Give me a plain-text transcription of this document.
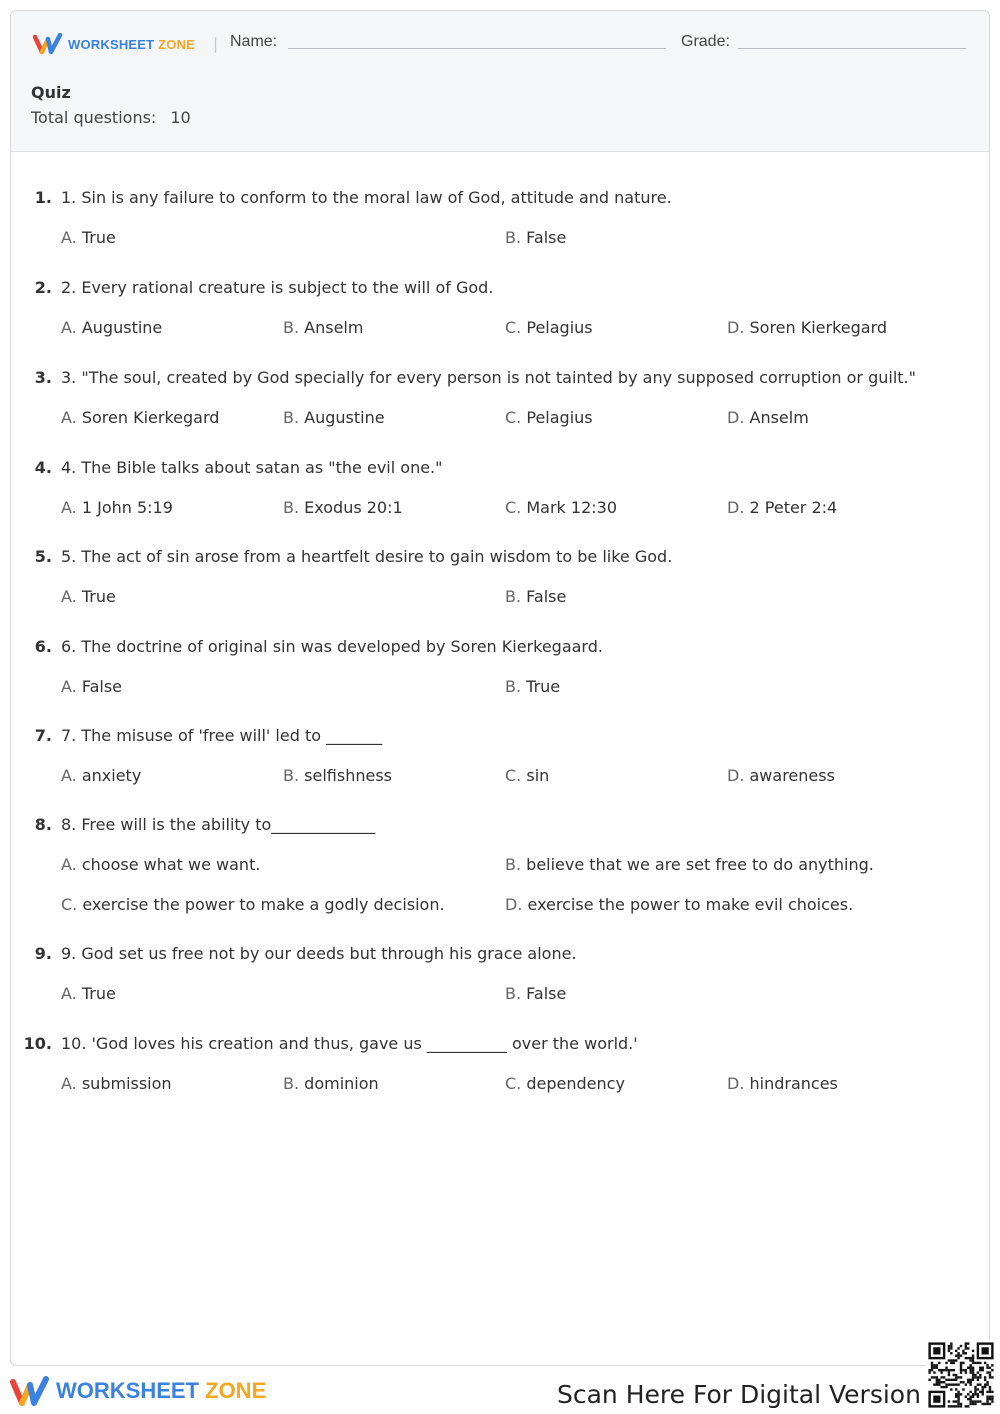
WORKSHEET ZONE | Name:	Grade:
Quiz
Total questions: 10
1. 1. Sin is any failure to conform to the moral law of God, attitude and nature.
A. True	B. False
2. 2. Every rational creature is subject to the will of God.
A. Augustine	B. Anselm	C. Pelagius	D. Soren Kierkegard
3. 3. "The soul, created by God specially for every person is not tainted by any supposed corruption or guilt."
A. Soren Kierkegard	B. Augustine	C. Pelagius	D. Anselm
4. 4. The Bible talks about satan as "the evil one."
A. 1 John 5:19	B. Exodus 20:1	C. Mark 12:30	D. 2 Peter 2:4
5. 5. The act of sin arose from a heartfelt desire to gain wisdom to be like God.
A. True	B. False
6. 6. The doctrine of original sin was developed by Soren Kierkegaard.
A. False	B. True
7. 7. The misuse of 'free will' led to _______
A. anxiety	B. selfishness	C. sin	D. awareness
8. 8. Free will is the ability to_____________
A. choose what we want.	B. believe that we are set free to do anything.
C. exercise the power to make a godly decision.	D. exercise the power to make evil choices.
9. 9. God set us free not by our deeds but through his grace alone.
A. True	B. False
10. 10. 'God loves his creation and thus, gave us __________ over the world.'
A. submission	B. dominion	C. dependency	D. hindrances
WORKSHEET ZONE	Scan Here For Digital Version
